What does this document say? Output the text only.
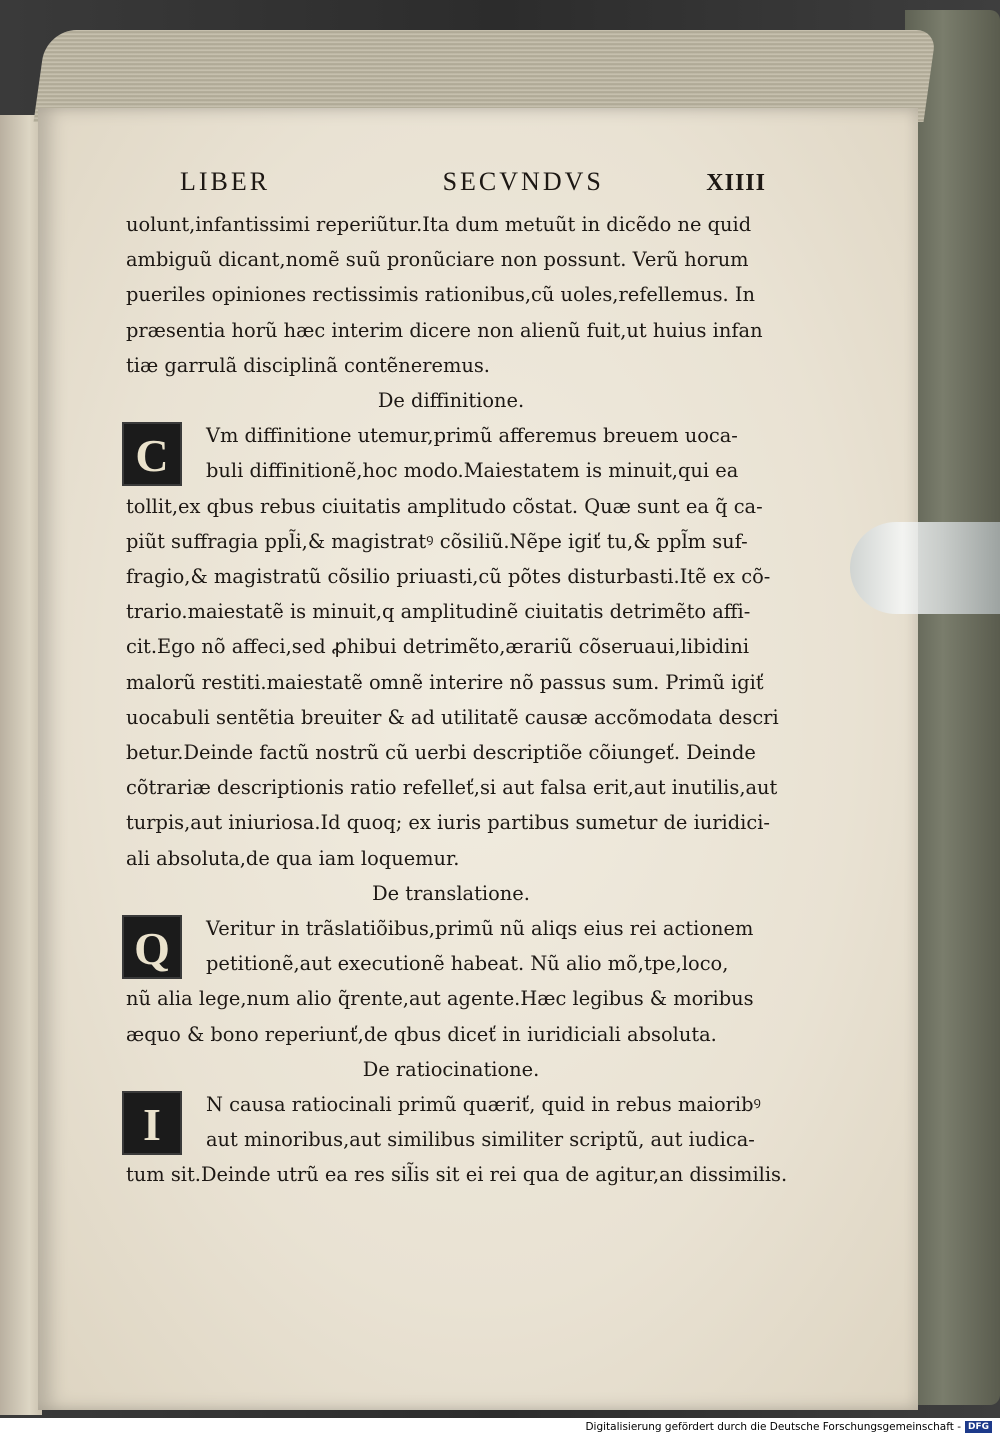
LIBER	SECVNDVS	XIIII
uolunt,infantissimi reperiũtur.Ita dum metuũt in dicẽdo ne quid
ambiguũ dicant,nomẽ suũ pronũciare non possunt. Verũ horum
pueriles opiniones rectissimis rationibus,cũ uoles,refellemus. In
præsentia horũ hæc interim dicere non alienũ fuit,ut huius infan
tiæ garrulã disciplinã contẽneremus.
De diffinitione.
C	Vm diffinitione utemur,primũ afferemus breuem uoca-
buli diffinitionẽ,hoc modo.Maiestatem is minuit,qui ea
tollit,ex qbus rebus ciuitatis amplitudo cõstat. Quæ sunt ea q̃ ca-
piũt suffragia ppl̃i,& magistratꝰ cõsiliũ.Nẽpe igiť tu,& ppl̃m suf-
fragio,& magistratũ cõsilio priuasti,cũ põtes disturbasti.Itẽ ex cõ-
trario.maiestatẽ is minuit,q amplitudinẽ ciuitatis detrimẽto affi-
cit.Ego nõ affeci,sed ꝓhibui detrimẽto,ærariũ cõseruaui,libidini
malorũ restiti.maiestatẽ omnẽ interire nõ passus sum. Primũ igiť
uocabuli sentẽtia breuiter & ad utilitatẽ causæ accõmodata descri
betur.Deinde factũ nostrũ cũ uerbi descriptiõe cõiungeť. Deinde
cõtrariæ descriptionis ratio refelleť,si aut falsa erit,aut inutilis,aut
turpis,aut iniuriosa.Id quoq; ex iuris partibus sumetur de iuridici-
ali absoluta,de qua iam loquemur.
De translatione.
Q	Veritur in trãslatiõibus,primũ nũ aliqs eius rei actionem
petitionẽ,aut executionẽ habeat. Nũ alio mõ,tpe,loco,
nũ alia lege,num alio q̃rente,aut agente.Hæc legibus & moribus
æquo & bono reperiunť,de qbus diceť in iuridiciali absoluta.
De ratiocinatione.
I	N causa ratiocinali primũ quæriť, quid in rebus maioribꝰ
aut minoribus,aut similibus similiter scriptũ, aut iudica-
tum sit.Deinde utrũ ea res sil̃is sit ei rei qua de agitur,an dissimilis.
Digitalisierung gefördert durch die Deutsche Forschungsgemeinschaft - DFG
